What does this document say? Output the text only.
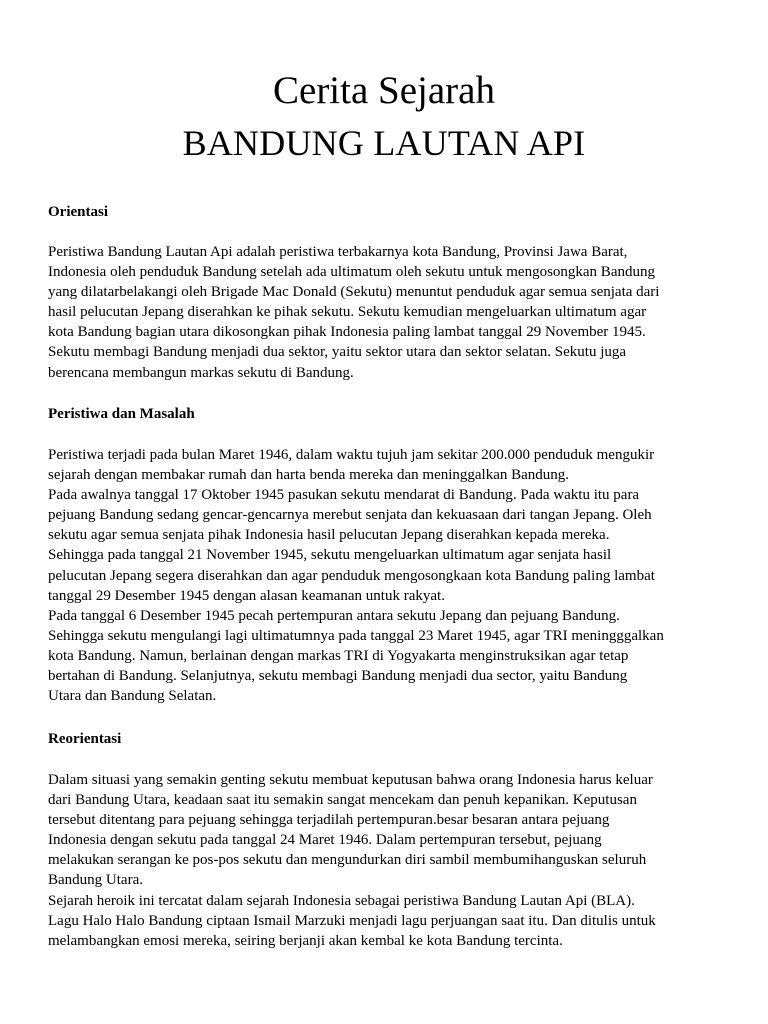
Cerita Sejarah
BANDUNG LAUTAN API
Orientasi
Peristiwa Bandung Lautan Api adalah peristiwa terbakarnya kota Bandung, Provinsi Jawa Barat,
Indonesia oleh penduduk Bandung setelah ada ultimatum oleh sekutu untuk mengosongkan Bandung
yang dilatarbelakangi oleh Brigade Mac Donald (Sekutu) menuntut penduduk agar semua senjata dari
hasil pelucutan Jepang diserahkan ke pihak sekutu. Sekutu kemudian mengeluarkan ultimatum agar
kota Bandung bagian utara dikosongkan pihak Indonesia paling lambat tanggal 29 November 1945.
Sekutu membagi Bandung menjadi dua sektor, yaitu sektor utara dan sektor selatan. Sekutu juga
berencana membangun markas sekutu di Bandung.
Peristiwa dan Masalah
Peristiwa terjadi pada bulan Maret 1946, dalam waktu tujuh jam sekitar 200.000 penduduk mengukir
sejarah dengan membakar rumah dan harta benda mereka dan meninggalkan Bandung.
Pada awalnya tanggal 17 Oktober 1945 pasukan sekutu mendarat di Bandung. Pada waktu itu para
pejuang Bandung sedang gencar-gencarnya merebut senjata dan kekuasaan dari tangan Jepang. Oleh
sekutu agar semua senjata pihak Indonesia hasil pelucutan Jepang diserahkan kepada mereka.
Sehingga pada tanggal 21 November 1945, sekutu mengeluarkan ultimatum agar senjata hasil
pelucutan Jepang segera diserahkan dan agar penduduk mengosongkaan kota Bandung paling lambat
tanggal 29 Desember 1945 dengan alasan keamanan untuk rakyat.
Pada tanggal 6 Desember 1945 pecah pertempuran antara sekutu Jepang dan pejuang Bandung.
Sehingga sekutu mengulangi lagi ultimatumnya pada tanggal 23 Maret 1945, agar TRI meningggalkan
kota Bandung. Namun, berlainan dengan markas TRI di Yogyakarta menginstruksikan agar tetap
bertahan di Bandung. Selanjutnya, sekutu membagi Bandung menjadi dua sector, yaitu Bandung
Utara dan Bandung Selatan.
Reorientasi
Dalam situasi yang semakin genting sekutu membuat keputusan bahwa orang Indonesia harus keluar
dari Bandung Utara, keadaan saat itu semakin sangat mencekam dan penuh kepanikan. Keputusan
tersebut ditentang para pejuang sehingga terjadilah pertempuran.besar besaran antara pejuang
Indonesia dengan sekutu pada tanggal 24 Maret 1946. Dalam pertempuran tersebut, pejuang
melakukan serangan ke pos-pos sekutu dan mengundurkan diri sambil membumihanguskan seluruh
Bandung Utara.
Sejarah heroik ini tercatat dalam sejarah Indonesia sebagai peristiwa Bandung Lautan Api (BLA).
Lagu Halo Halo Bandung ciptaan Ismail Marzuki menjadi lagu perjuangan saat itu. Dan ditulis untuk
melambangkan emosi mereka, seiring berjanji akan kembal ke kota Bandung tercinta.
